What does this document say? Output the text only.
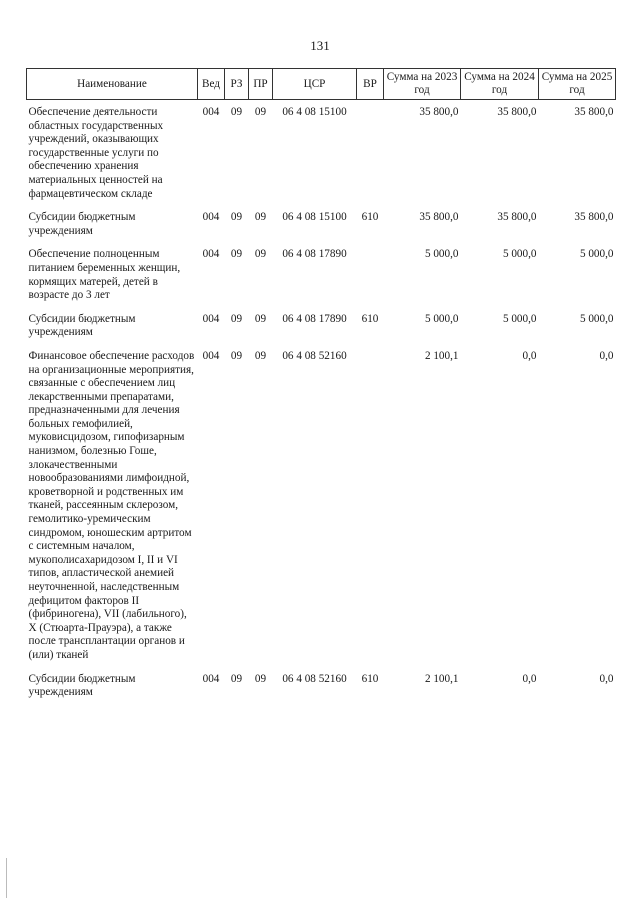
131
Наименование	Вед	РЗ	ПР	ЦСР	ВР	Сумма на 2023 год	Сумма на 2024 год	Сумма на 2025 год
Обеспечение деятельности областных государственных учреждений, оказывающих государственные услуги по обеспечению хранения материальных ценностей на фармацевтическом складе	004	09	09	06 4 08 15100		35 800,0	35 800,0	35 800,0
Субсидии бюджетным учреждениям	004	09	09	06 4 08 15100	610	35 800,0	35 800,0	35 800,0
Обеспечение полноценным питанием беременных женщин, кормящих матерей, детей в возрасте до 3 лет	004	09	09	06 4 08 17890		5 000,0	5 000,0	5 000,0
Субсидии бюджетным учреждениям	004	09	09	06 4 08 17890	610	5 000,0	5 000,0	5 000,0
Финансовое обеспечение расходов на организационные мероприятия, связанные с обеспечением лиц лекарственными препаратами, предназначенными для лечения больных гемофилией, муковисцидозом, гипофизарным нанизмом, болезнью Гоше, злокачественными новообразованиями лимфоидной, кроветворной и родственных им тканей, рассеянным склерозом, гемолитико-уремическим синдромом, юношеским артритом с системным началом, мукополисахаридозом I, II и VI типов, апластической анемией неуточненной, наследственным дефицитом факторов II (фибриногена), VII (лабильного), X (Стюарта-Прауэра), а также после трансплантации органов и (или) тканей	004	09	09	06 4 08 52160		2 100,1	0,0	0,0
Субсидии бюджетным учреждениям	004	09	09	06 4 08 52160	610	2 100,1	0,0	0,0
